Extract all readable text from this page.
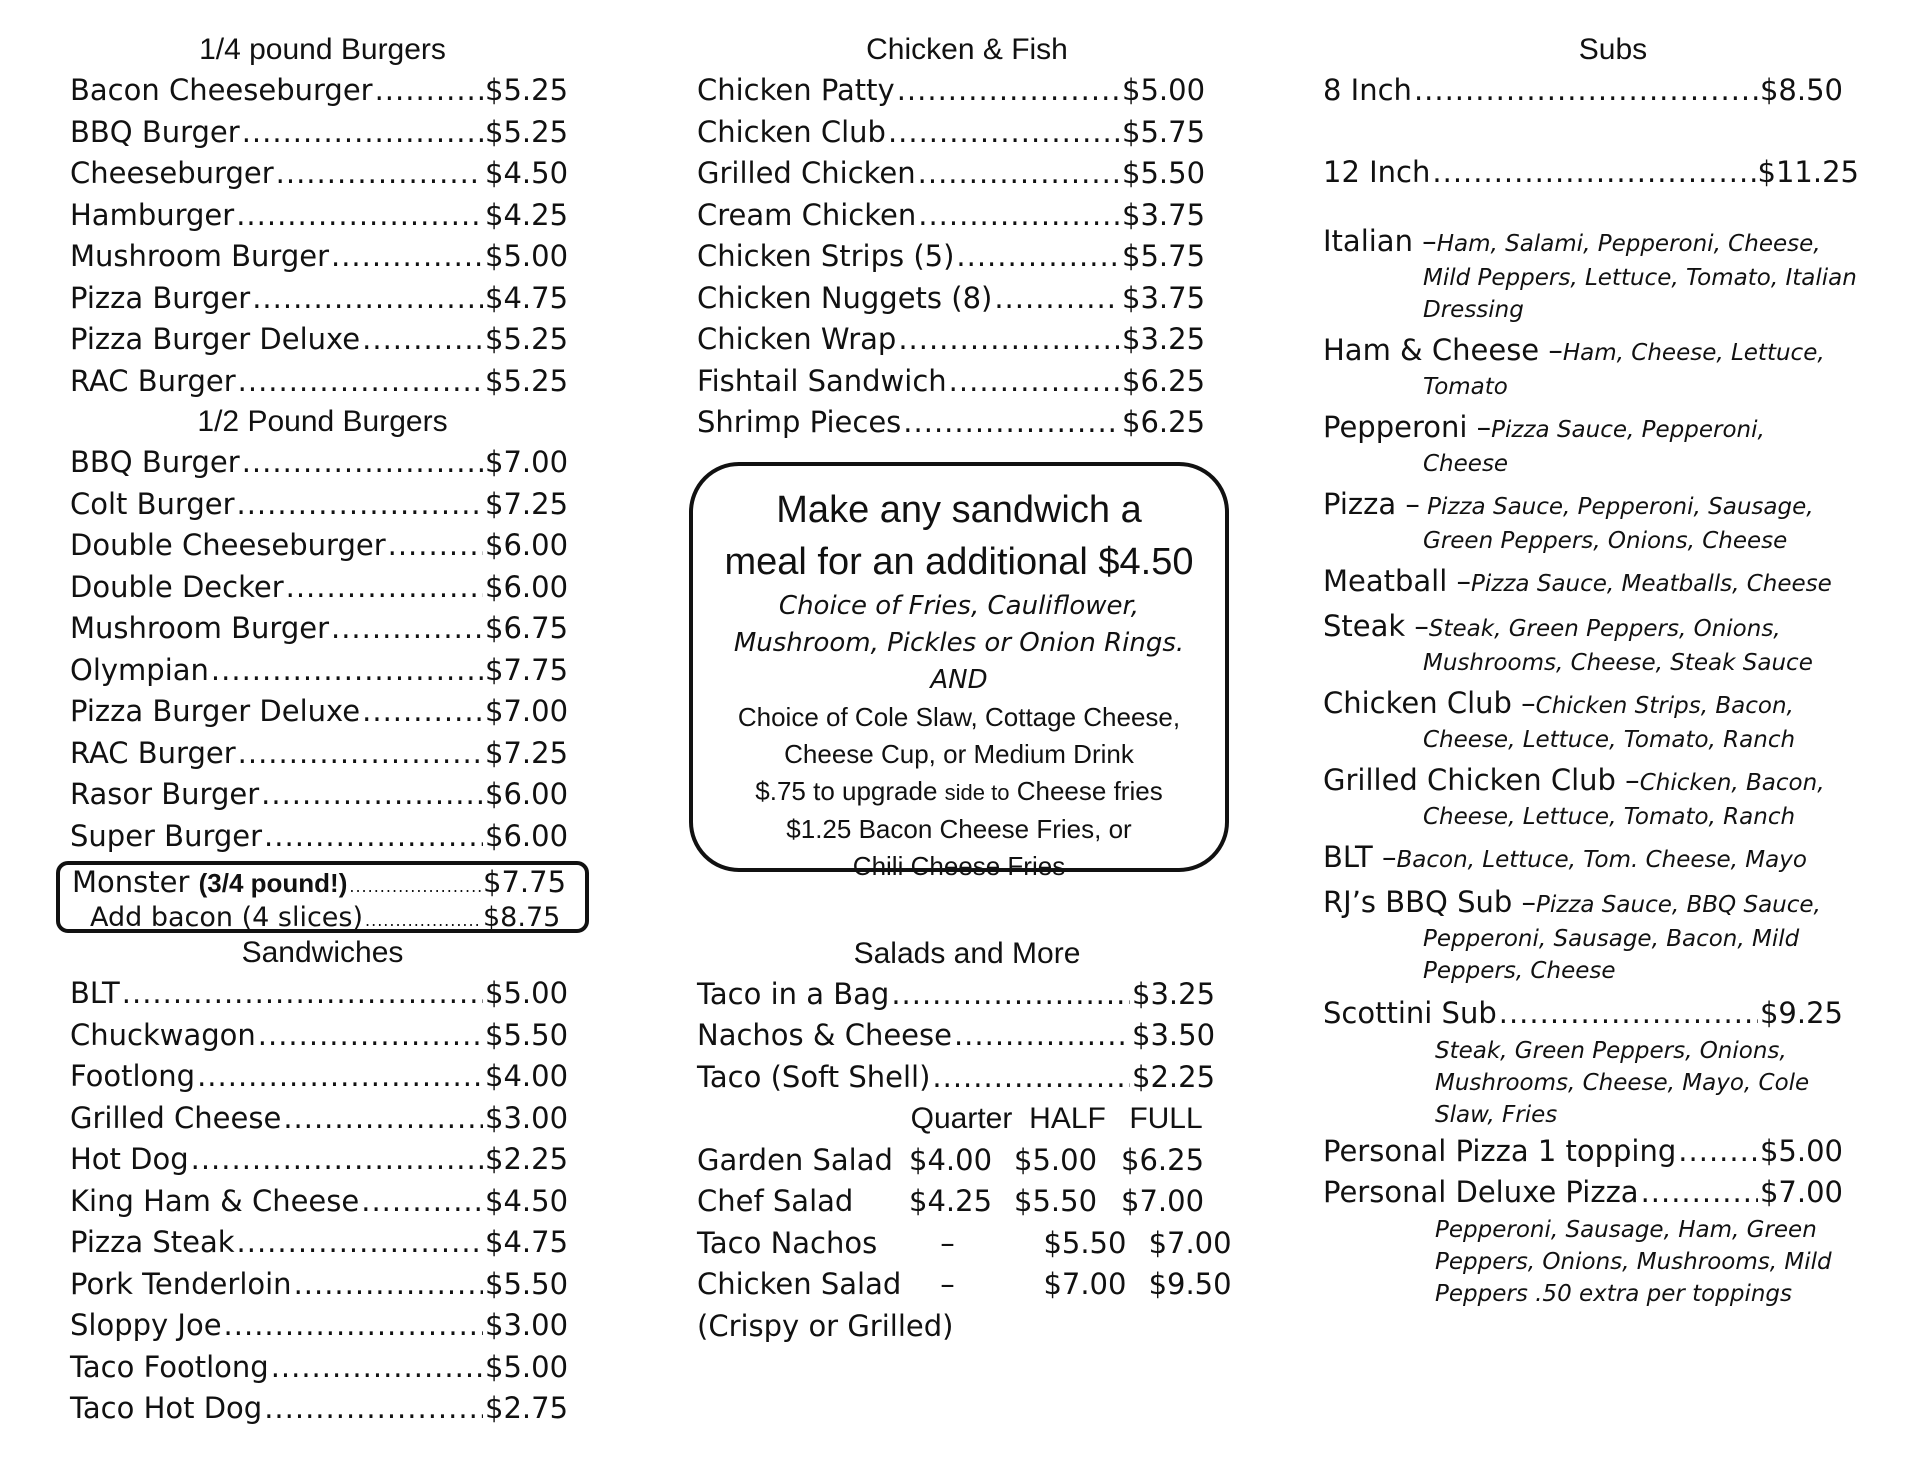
1/4 pound Burgers
Bacon Cheeseburger .....	$5.25
BBQ Burger .....	$5.25
Cheeseburger .....	$4.50
Hamburger .....	$4.25
Mushroom Burger .....	$5.00
Pizza Burger .....	$4.75
Pizza Burger Deluxe .....	$5.25
RAC Burger .....	$5.25
1/2 Pound Burgers
BBQ Burger .....	$7.00
Colt Burger .....	$7.25
Double Cheeseburger .....	$6.00
Double Decker .....	$6.00
Mushroom Burger .....	$6.75
Olympian .....	$7.75
Pizza Burger Deluxe .....	$7.00
RAC Burger .....	$7.25
Rasor Burger .....	$6.00
Super Burger .....	$6.00
Monster (3/4 pound!) .....	$7.75
Add bacon (4 slices) .....	$8.75
Sandwiches
BLT .....	$5.00
Chuckwagon .....	$5.50
Footlong .....	$4.00
Grilled Cheese .....	$3.00
Hot Dog .....	$2.25
King Ham & Cheese .....	$4.50
Pizza Steak .....	$4.75
Pork Tenderloin .....	$5.50
Sloppy Joe .....	$3.00
Taco Footlong .....	$5.00
Taco Hot Dog .....	$2.75
Chicken & Fish
Chicken Patty .....	$5.00
Chicken Club .....	$5.75
Grilled Chicken .....	$5.50
Cream Chicken .....	$3.75
Chicken Strips (5) .....	$5.75
Chicken Nuggets (8) .....	$3.75
Chicken Wrap .....	$3.25
Fishtail Sandwich .....	$6.25
Shrimp Pieces .....	$6.25
Make any sandwich a
meal for an additional $4.50
Choice of Fries, Cauliflower,
Mushroom, Pickles or Onion Rings.
AND
Choice of Cole Slaw, Cottage Cheese,
Cheese Cup, or Medium Drink
$.75 to upgrade side to Cheese fries
$1.25 Bacon Cheese Fries, or
Chili Cheese Fries
Salads and More
Taco in a Bag .....	$3.25
Nachos & Cheese .....	$3.50
Taco (Soft Shell) .....	$2.25
Quarter HALF FULL
Garden Salad $4.00 $5.00 $6.25
Chef Salad	$4.25 $5.50 $7.00
Taco Nachos	–	$5.50 $7.00
Chicken Salad	–	$7.00 $9.50
(Crispy or Grilled)
Subs
8 Inch .....	$8.50
12 Inch .....	$11.25
Italian –Ham, Salami, Pepperoni, Cheese,
Mild Peppers, Lettuce, Tomato, Italian
Dressing
Ham & Cheese –Ham, Cheese, Lettuce,
Tomato
Pepperoni –Pizza Sauce, Pepperoni,
Cheese
Pizza – Pizza Sauce, Pepperoni, Sausage,
Green Peppers, Onions, Cheese
Meatball –Pizza Sauce, Meatballs, Cheese
Steak –Steak, Green Peppers, Onions,
Mushrooms, Cheese, Steak Sauce
Chicken Club –Chicken Strips, Bacon,
Cheese, Lettuce, Tomato, Ranch
Grilled Chicken Club –Chicken, Bacon,
Cheese, Lettuce, Tomato, Ranch
BLT –Bacon, Lettuce, Tom. Cheese, Mayo
RJ’s BBQ Sub –Pizza Sauce, BBQ Sauce,
Pepperoni, Sausage, Bacon, Mild
Peppers, Cheese
Scottini Sub .....	$9.25
Steak, Green Peppers, Onions,
Mushrooms, Cheese, Mayo, Cole
Slaw, Fries
Personal Pizza 1 topping .....	$5.00
Personal Deluxe Pizza .....	$7.00
Pepperoni, Sausage, Ham, Green
Peppers, Onions, Mushrooms, Mild
Peppers .50 extra per toppings
